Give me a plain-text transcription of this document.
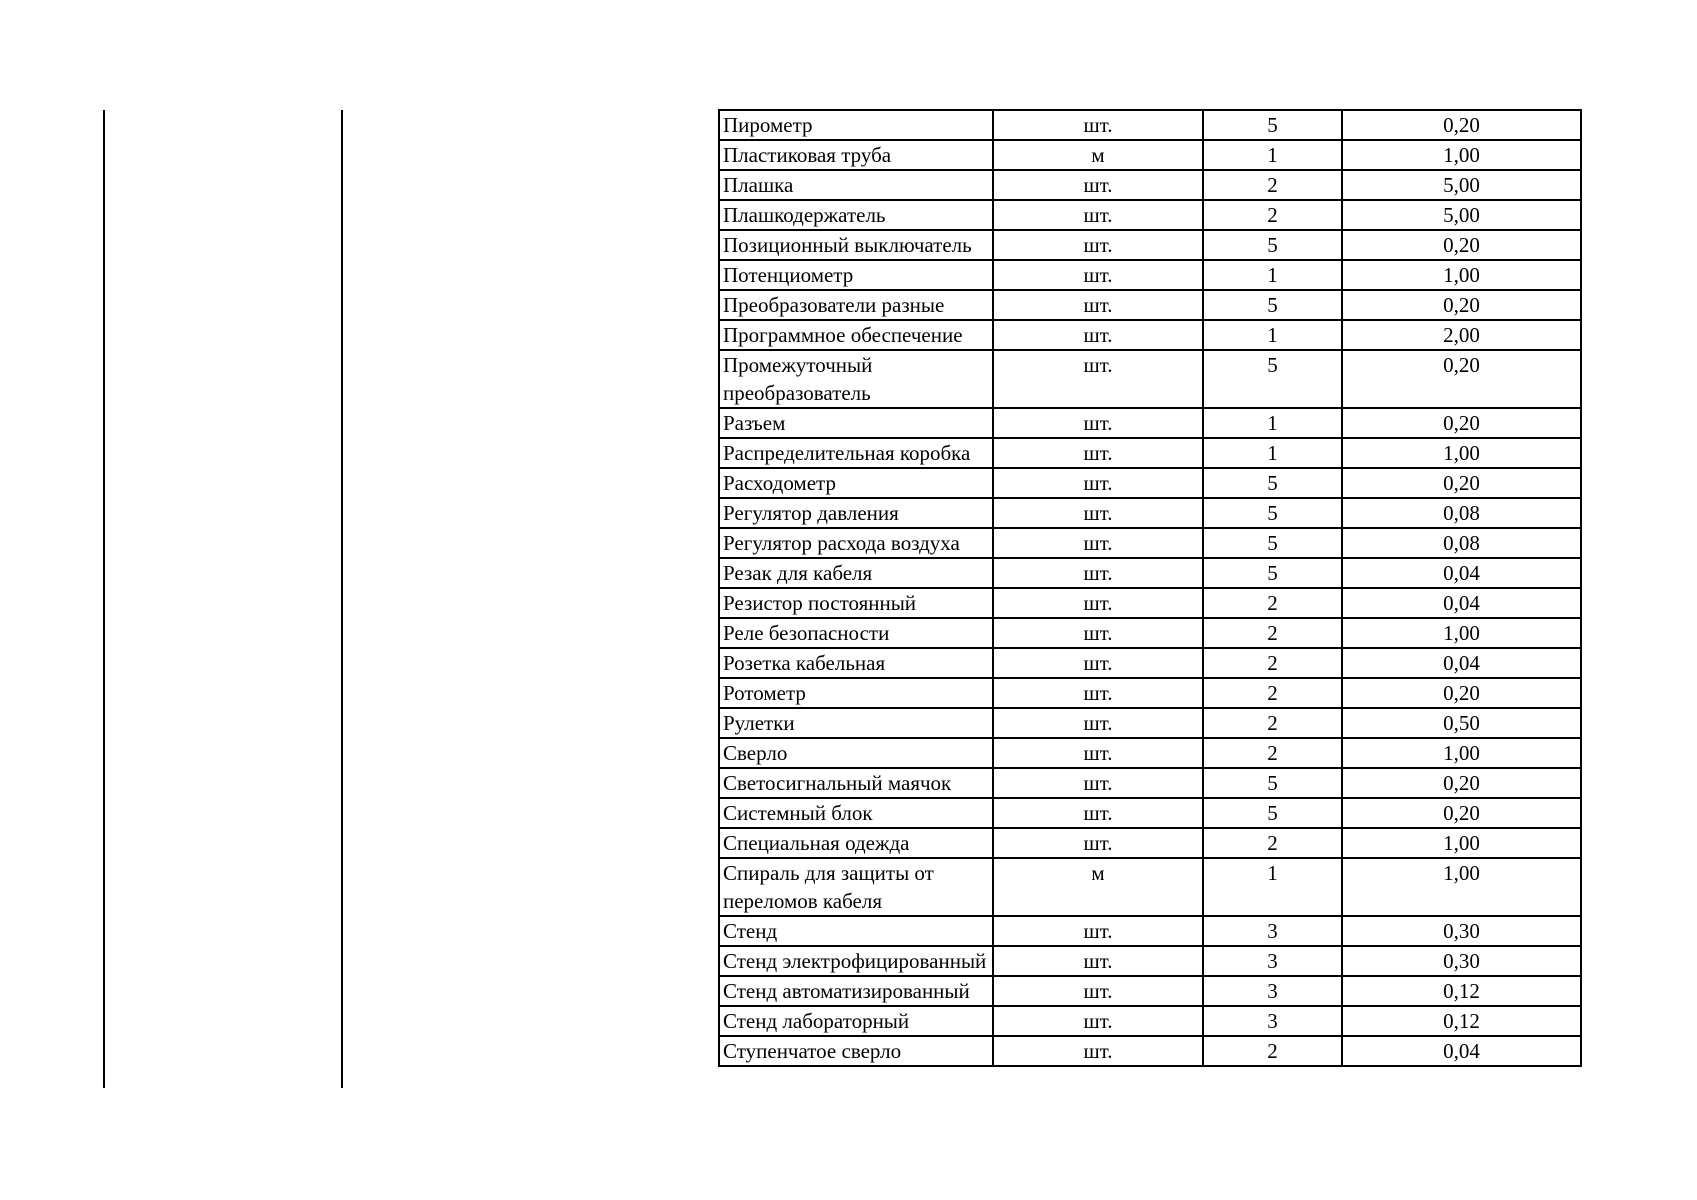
Пирометр	шт.	5	0,20
Пластиковая труба	м	1	1,00
Плашка	шт.	2	5,00
Плашкодержатель	шт.	2	5,00
Позиционный выключатель	шт.	5	0,20
Потенциометр	шт.	1	1,00
Преобразователи разные	шт.	5	0,20
Программное обеспечение	шт.	1	2,00
Промежуточный преобразователь	шт.	5	0,20
Разъем	шт.	1	0,20
Распределительная коробка	шт.	1	1,00
Расходометр	шт.	5	0,20
Регулятор давления	шт.	5	0,08
Регулятор расхода воздуха	шт.	5	0,08
Резак для кабеля	шт.	5	0,04
Резистор постоянный	шт.	2	0,04
Реле безопасности	шт.	2	1,00
Розетка кабельная	шт.	2	0,04
Ротометр	шт.	2	0,20
Рулетки	шт.	2	0,50
Сверло	шт.	2	1,00
Светосигнальный маячок	шт.	5	0,20
Системный блок	шт.	5	0,20
Специальная одежда	шт.	2	1,00
Спираль для защиты от переломов кабеля	м	1	1,00
Стенд	шт.	3	0,30
Стенд электрофицированный	шт.	3	0,30
Стенд автоматизированный	шт.	3	0,12
Стенд лабораторный	шт.	3	0,12
Ступенчатое сверло	шт.	2	0,04
